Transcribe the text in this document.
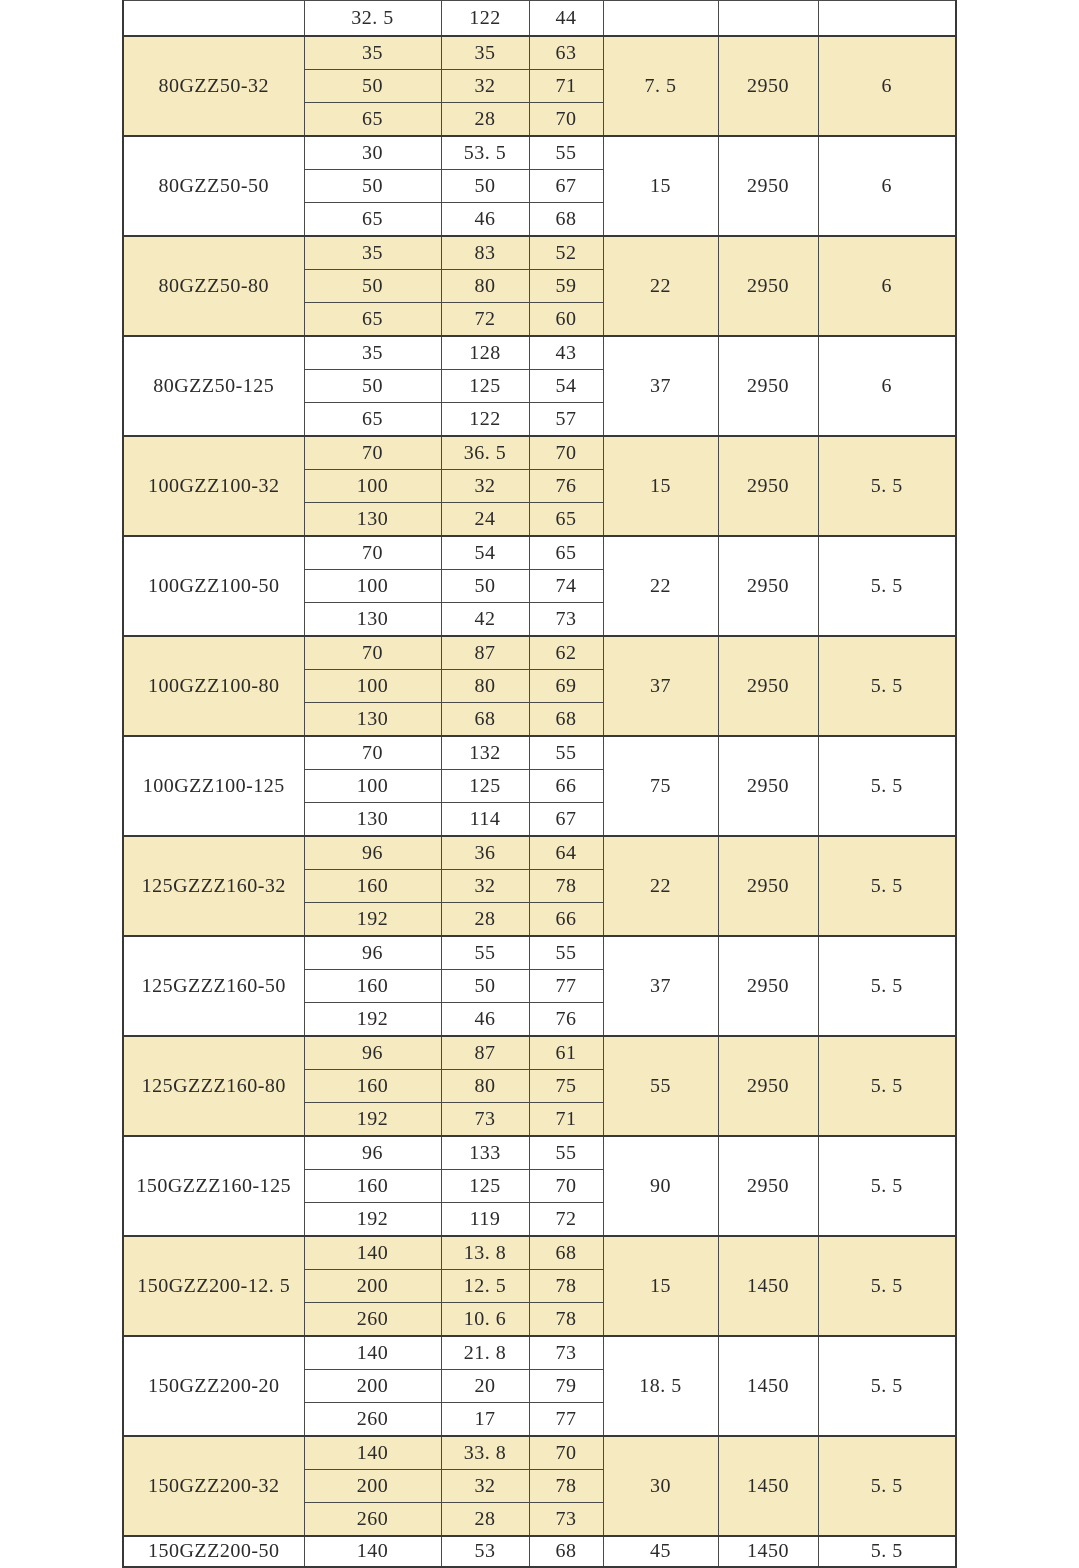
	32. 5	122	44			
80GZZ50-32	35	35	63	7. 5	2950	6
	50	32	71			
	65	28	70			
80GZZ50-50	30	53. 5	55	15	2950	6
	50	50	67			
	65	46	68			
80GZZ50-80	35	83	52	22	2950	6
	50	80	59			
	65	72	60			
80GZZ50-125	35	128	43	37	2950	6
	50	125	54			
	65	122	57			
100GZZ100-32	70	36. 5	70	15	2950	5. 5
	100	32	76			
	130	24	65			
100GZZ100-50	70	54	65	22	2950	5. 5
	100	50	74			
	130	42	73			
100GZZ100-80	70	87	62	37	2950	5. 5
	100	80	69			
	130	68	68			
100GZZ100-125	70	132	55	75	2950	5. 5
	100	125	66			
	130	114	67			
125GZZZ160-32	96	36	64	22	2950	5. 5
	160	32	78			
	192	28	66			
125GZZZ160-50	96	55	55	37	2950	5. 5
	160	50	77			
	192	46	76			
125GZZZ160-80	96	87	61	55	2950	5. 5
	160	80	75			
	192	73	71			
150GZZZ160-125	96	133	55	90	2950	5. 5
	160	125	70			
	192	119	72			
150GZZ200-12. 5	140	13. 8	68	15	1450	5. 5
	200	12. 5	78			
	260	10. 6	78			
150GZZ200-20	140	21. 8	73	18. 5	1450	5. 5
	200	20	79			
	260	17	77			
150GZZ200-32	140	33. 8	70	30	1450	5. 5
	200	32	78			
	260	28	73			
150GZZ200-50	140	53	68	45	1450	5. 5
